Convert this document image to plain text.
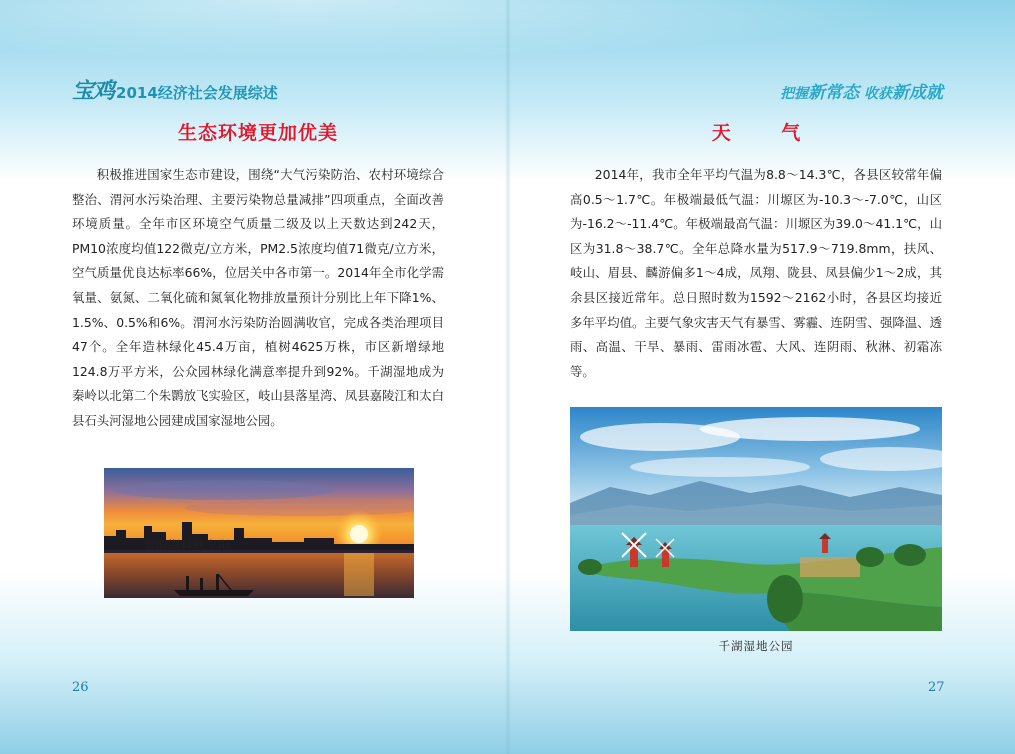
宝鸡 2014经济社会发展综述	把握新常态 收获新成就
生态环境更加优美

积极推进国家生态市建设，围绕“大气污染防治、农村环境综合整治、渭河水污染治理、主要污染物总量减排”四项重点，全面改善环境质量。全年市区环境空气质量二级及以上天数达到242天，PM10浓度均值122微克/立方米，PM2.5浓度均值71微克/立方米，空气质量优良达标率66%，位居关中各市第一。2014年全市化学需氧量、氨氮、二氧化硫和氮氧化物排放量预计分别比上年下降1%、1.5%、0.5%和6%。渭河水污染防治圆满收官，完成各类治理项目47个。全年造林绿化45.4万亩，植树4625万株，市区新增绿地124.8万平方米，公众园林绿化满意率提升到92%。千湖湿地成为秦岭以北第二个朱鹮放飞实验区，岐山县落星湾、凤县嘉陵江和太白县石头河湿地公园建成国家湿地公园。

金渭湖畔映夕阳
天 气

2014年，我市全年平均气温为8.8～14.3℃，各县区较常年偏高0.5～1.7℃。年极端最低气温：川塬区为-10.3～-7.0℃，山区为-16.2～-11.4℃。年极端最高气温：川塬区为39.0～41.1℃，山区为31.8～38.7℃。全年总降水量为517.9～719.8mm，扶风、岐山、眉县、麟游偏多1～4成，凤翔、陇县、凤县偏少1～2成，其余县区接近常年。总日照时数为1592～2162小时，各县区均接近多年平均值。主要气象灾害天气有暴雪、雾霾、连阴雪、强降温、透雨、高温、干旱、暴雨、雷雨冰雹、大风、连阴雨、秋淋、初霜冻等。

千湖湿地公园
26	27
